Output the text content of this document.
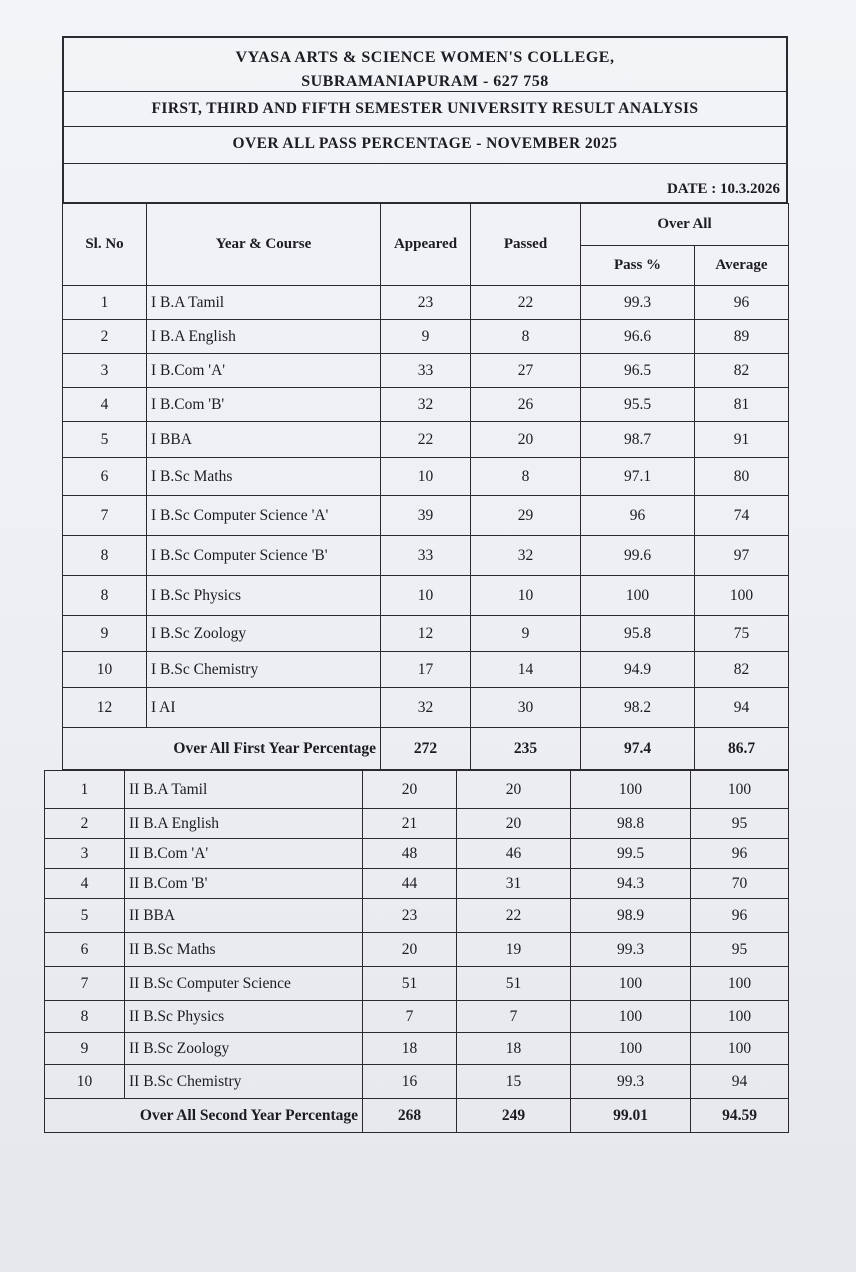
VYASA ARTS & SCIENCE WOMEN'S COLLEGE,
SUBRAMANIAPURAM - 627 758
FIRST, THIRD AND FIFTH SEMESTER UNIVERSITY RESULT ANALYSIS
OVER ALL PASS PERCENTAGE - NOVEMBER 2025
DATE : 10.3.2026
Sl. No	Year & Course	Appeared	Passed	Over All	
				Pass %	Average
1	I B.A Tamil	23	22	99.3	96
2	I B.A English	9	8	96.6	89
3	I B.Com 'A'	33	27	96.5	82
4	I B.Com 'B'	32	26	95.5	81
5	I BBA	22	20	98.7	91
6	I B.Sc Maths	10	8	97.1	80
7	I B.Sc Computer Science 'A'	39	29	96	74
8	I B.Sc Computer Science 'B'	33	32	99.6	97
8	I B.Sc Physics	10	10	100	100
9	I B.Sc Zoology	12	9	95.8	75
10	I B.Sc Chemistry	17	14	94.9	82
12	I AI	32	30	98.2	94
Over All First Year Percentage		272	235	97.4	86.7
1	II B.A Tamil	20	20	100	100
2	II B.A English	21	20	98.8	95
3	II B.Com 'A'	48	46	99.5	96
4	II B.Com 'B'	44	31	94.3	70
5	II BBA	23	22	98.9	96
6	II B.Sc Maths	20	19	99.3	95
7	II B.Sc Computer Science	51	51	100	100
8	II B.Sc Physics	7	7	100	100
9	II B.Sc Zoology	18	18	100	100
10	II B.Sc Chemistry	16	15	99.3	94
Over All Second Year Percentage		268	249	99.01	94.59
